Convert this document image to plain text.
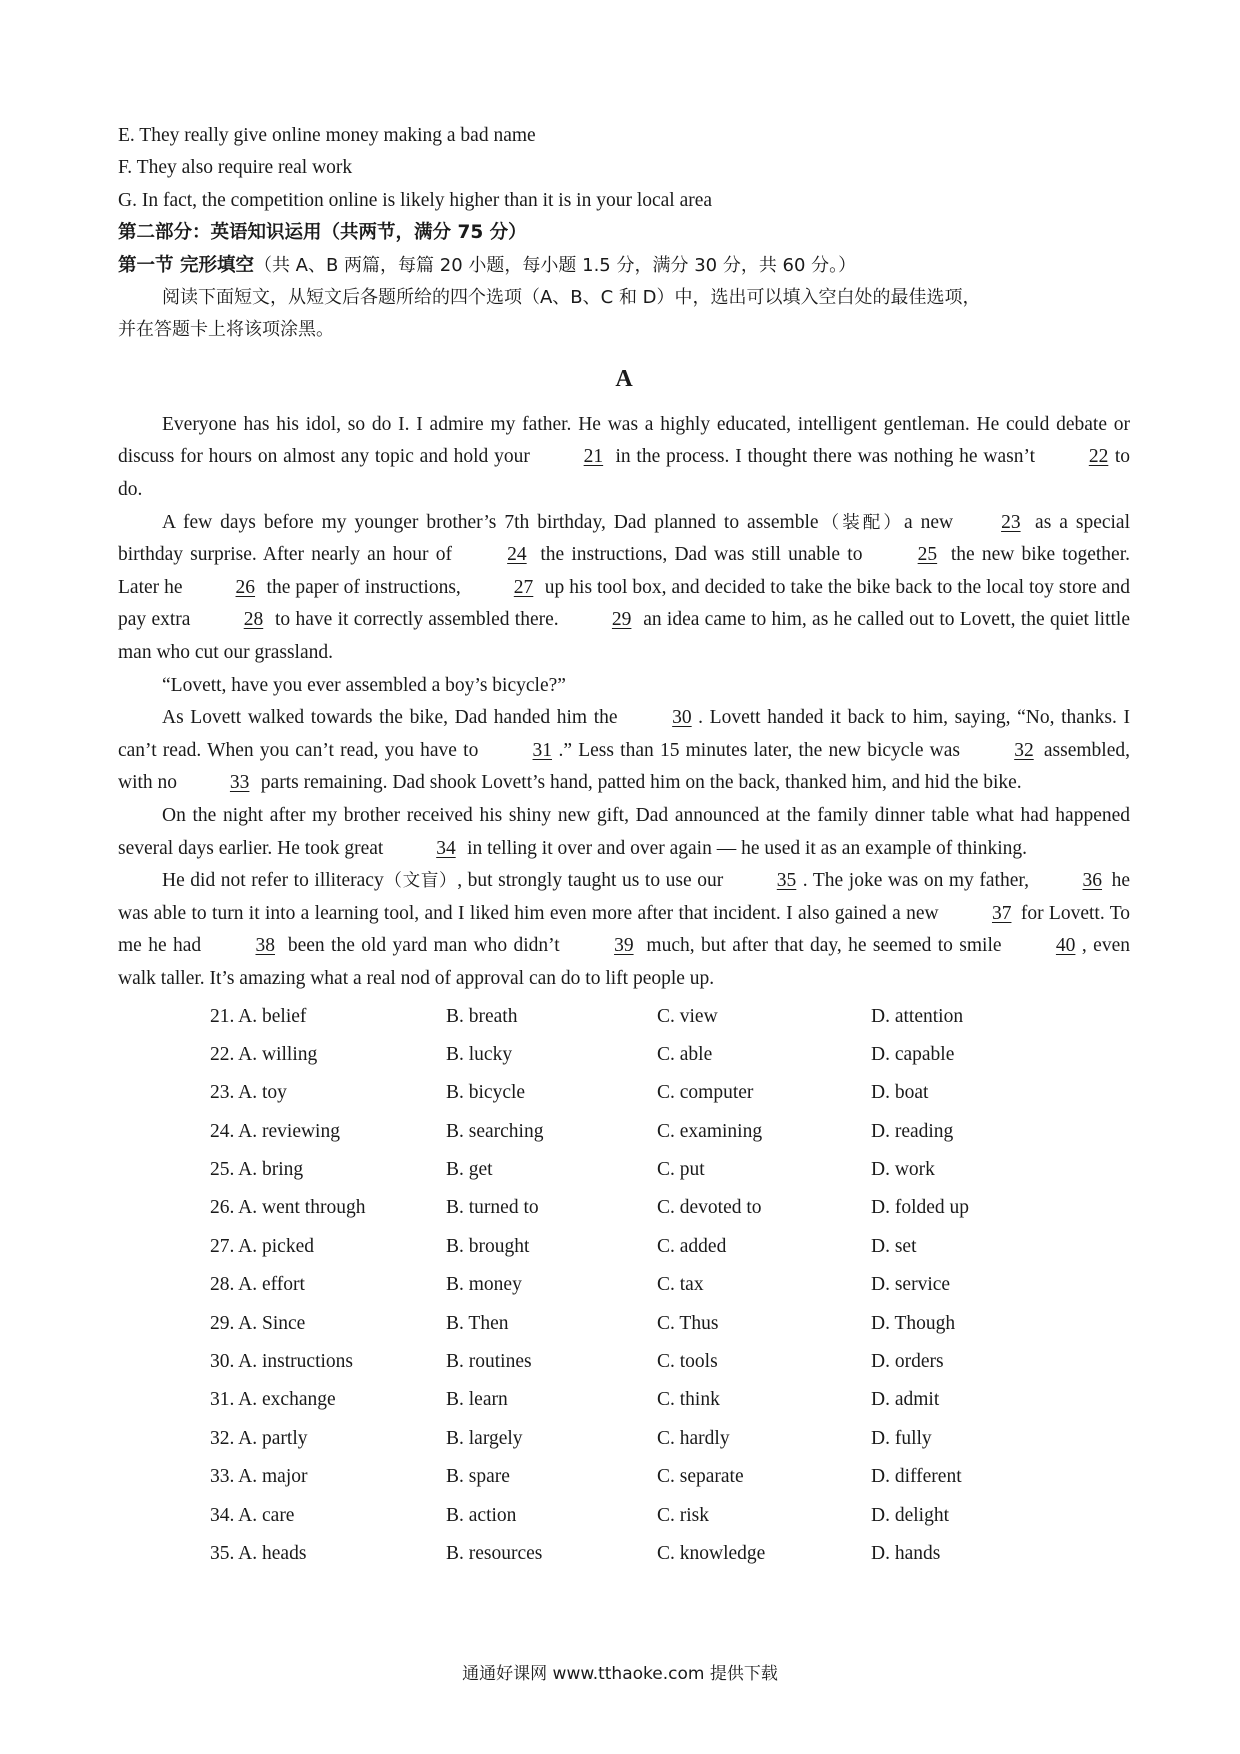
E. They really give online money making a bad name
F. They also require real work
G. In fact, the competition online is likely higher than it is in your local area
第二部分：英语知识运用（共两节，满分 75 分）
第一节 完形填空（共 A、B 两篇，每篇 20 小题，每小题 1.5 分，满分 30 分，共 60 分。）
阅读下面短文，从短文后各题所给的四个选项（A、B、C 和 D）中，选出可以填入空白处的最佳选项，
并在答题卡上将该项涂黑。
A

Everyone has his idol, so do I. I admire my father. He was a highly educated, intelligent gentleman. He could debate or discuss for hours on almost any topic and hold your 21 in the process. I thought there was nothing he wasn’t 22 to do.

A few days before my younger brother’s 7th birthday, Dad planned to assemble（装配）a new 23 as a special birthday surprise. After nearly an hour of 24 the instructions, Dad was still unable to 25 the new bike together. Later he 26 the paper of instructions, 27 up his tool box, and decided to take the bike back to the local toy store and pay extra 28 to have it correctly assembled there. 29 an idea came to him, as he called out to Lovett, the quiet little man who cut our grassland.

“Lovett, have you ever assembled a boy’s bicycle?”

As Lovett walked towards the bike, Dad handed him the 30 . Lovett handed it back to him, saying, “No, thanks. I can’t read. When you can’t read, you have to 31 .” Less than 15 minutes later, the new bicycle was 32 assembled, with no 33 parts remaining. Dad shook Lovett’s hand, patted him on the back, thanked him, and hid the bike.

On the night after my brother received his shiny new gift, Dad announced at the family dinner table what had happened several days earlier. He took great 34 in telling it over and over again — he used it as an example of thinking.

He did not refer to illiteracy（文盲）, but strongly taught us to use our 35 . The joke was on my father, 36 he was able to turn it into a learning tool, and I liked him even more after that incident. I also gained a new 37 for Lovett. To me he had 38 been the old yard man who didn’t 39 much, but after that day, he seemed to smile 40 , even walk taller. It’s amazing what a real nod of approval can do to lift people up.

21. A. belief	B. breath	C. view	D. attention
22. A. willing	B. lucky	C. able	D. capable
23. A. toy	B. bicycle	C. computer	D. boat
24. A. reviewing	B. searching	C. examining	D. reading
25. A. bring	B. get	C. put	D. work
26. A. went through	B. turned to	C. devoted to	D. folded up
27. A. picked	B. brought	C. added	D. set
28. A. effort	B. money	C. tax	D. service
29. A. Since	B. Then	C. Thus	D. Though
30. A. instructions	B. routines	C. tools	D. orders
31. A. exchange	B. learn	C. think	D. admit
32. A. partly	B. largely	C. hardly	D. fully
33. A. major	B. spare	C. separate	D. different
34. A. care	B. action	C. risk	D. delight
35. A. heads	B. resources	C. knowledge	D. hands
通通好课网 www.tthaoke.com 提供下载
